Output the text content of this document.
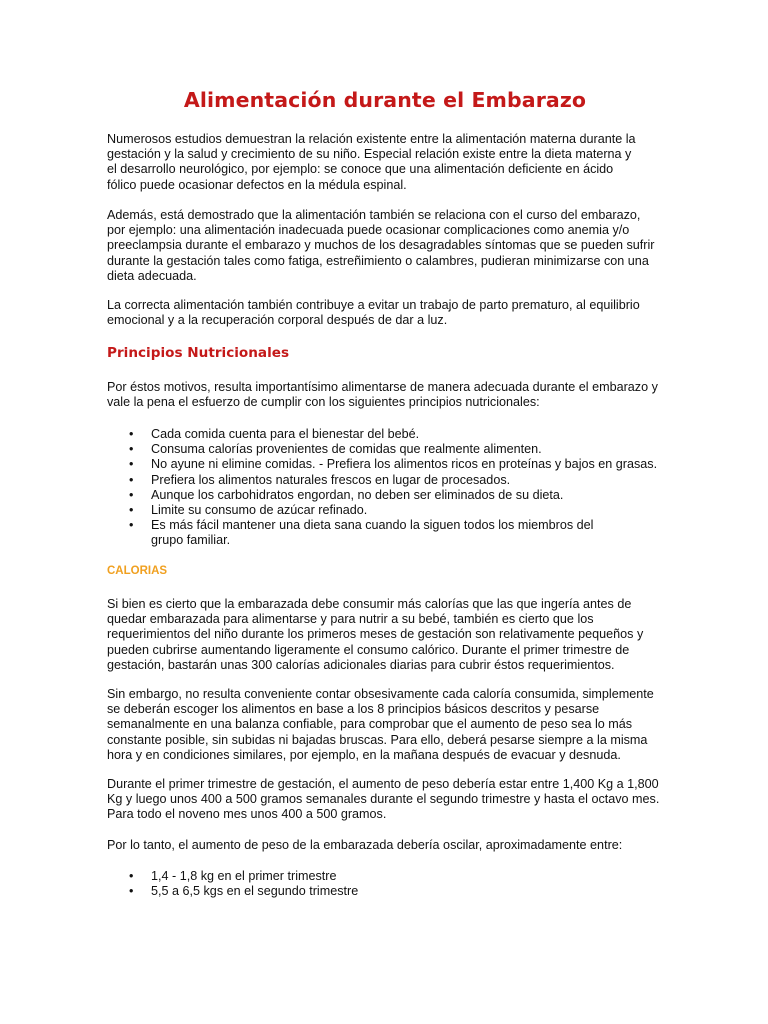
Alimentación durante el Embarazo

Numerosos estudios demuestran la relación existente entre la alimentación materna durante la gestación y la salud y crecimiento de su niño. Especial relación existe entre la dieta materna y el desarrollo neurológico, por ejemplo: se conoce que una alimentación deficiente en ácido fólico puede ocasionar defectos en la médula espinal.

Además, está demostrado que la alimentación también se relaciona con el curso del embarazo, por ejemplo: una alimentación inadecuada puede ocasionar complicaciones como anemia y/o preeclampsia durante el embarazo y muchos de los desagradables síntomas que se pueden sufrir durante la gestación tales como fatiga, estreñimiento o calambres, pudieran minimizarse con una dieta adecuada.

La correcta alimentación también contribuye a evitar un trabajo de parto prematuro, al equilibrio emocional y a la recuperación corporal después de dar a luz.

Principios Nutricionales

Por éstos motivos, resulta importantísimo alimentarse de manera adecuada durante el embarazo y vale la pena el esfuerzo de cumplir con los siguientes principios nutricionales:

• Cada comida cuenta para el bienestar del bebé.
• Consuma calorías provenientes de comidas que realmente alimenten.
• No ayune ni elimine comidas. - Prefiera los alimentos ricos en proteínas y bajos en grasas.
• Prefiera los alimentos naturales frescos en lugar de procesados.
• Aunque los carbohidratos engordan, no deben ser eliminados de su dieta.
• Limite su consumo de azúcar refinado.
• Es más fácil mantener una dieta sana cuando la siguen todos los miembros del grupo familiar.
CALORIAS

Si bien es cierto que la embarazada debe consumir más calorías que las que ingería antes de quedar embarazada para alimentarse y para nutrir a su bebé, también es cierto que los requerimientos del niño durante los primeros meses de gestación son relativamente pequeños y pueden cubrirse aumentando ligeramente el consumo calórico. Durante el primer trimestre de gestación, bastarán unas 300 calorías adicionales diarias para cubrir éstos requerimientos.

Sin embargo, no resulta conveniente contar obsesivamente cada caloría consumida, simplemente se deberán escoger los alimentos en base a los 8 principios básicos descritos y pesarse semanalmente en una balanza confiable, para comprobar que el aumento de peso sea lo más constante posible, sin subidas ni bajadas bruscas. Para ello, deberá pesarse siempre a la misma hora y en condiciones similares, por ejemplo, en la mañana después de evacuar y desnuda.

Durante el primer trimestre de gestación, el aumento de peso debería estar entre 1,400 Kg a 1,800 Kg y luego unos 400 a 500 gramos semanales durante el segundo trimestre y hasta el octavo mes. Para todo el noveno mes unos 400 a 500 gramos.

Por lo tanto, el aumento de peso de la embarazada debería oscilar, aproximadamente entre:

• 1,4 - 1,8 kg en el primer trimestre
• 5,5 a 6,5 kgs en el segundo trimestre
